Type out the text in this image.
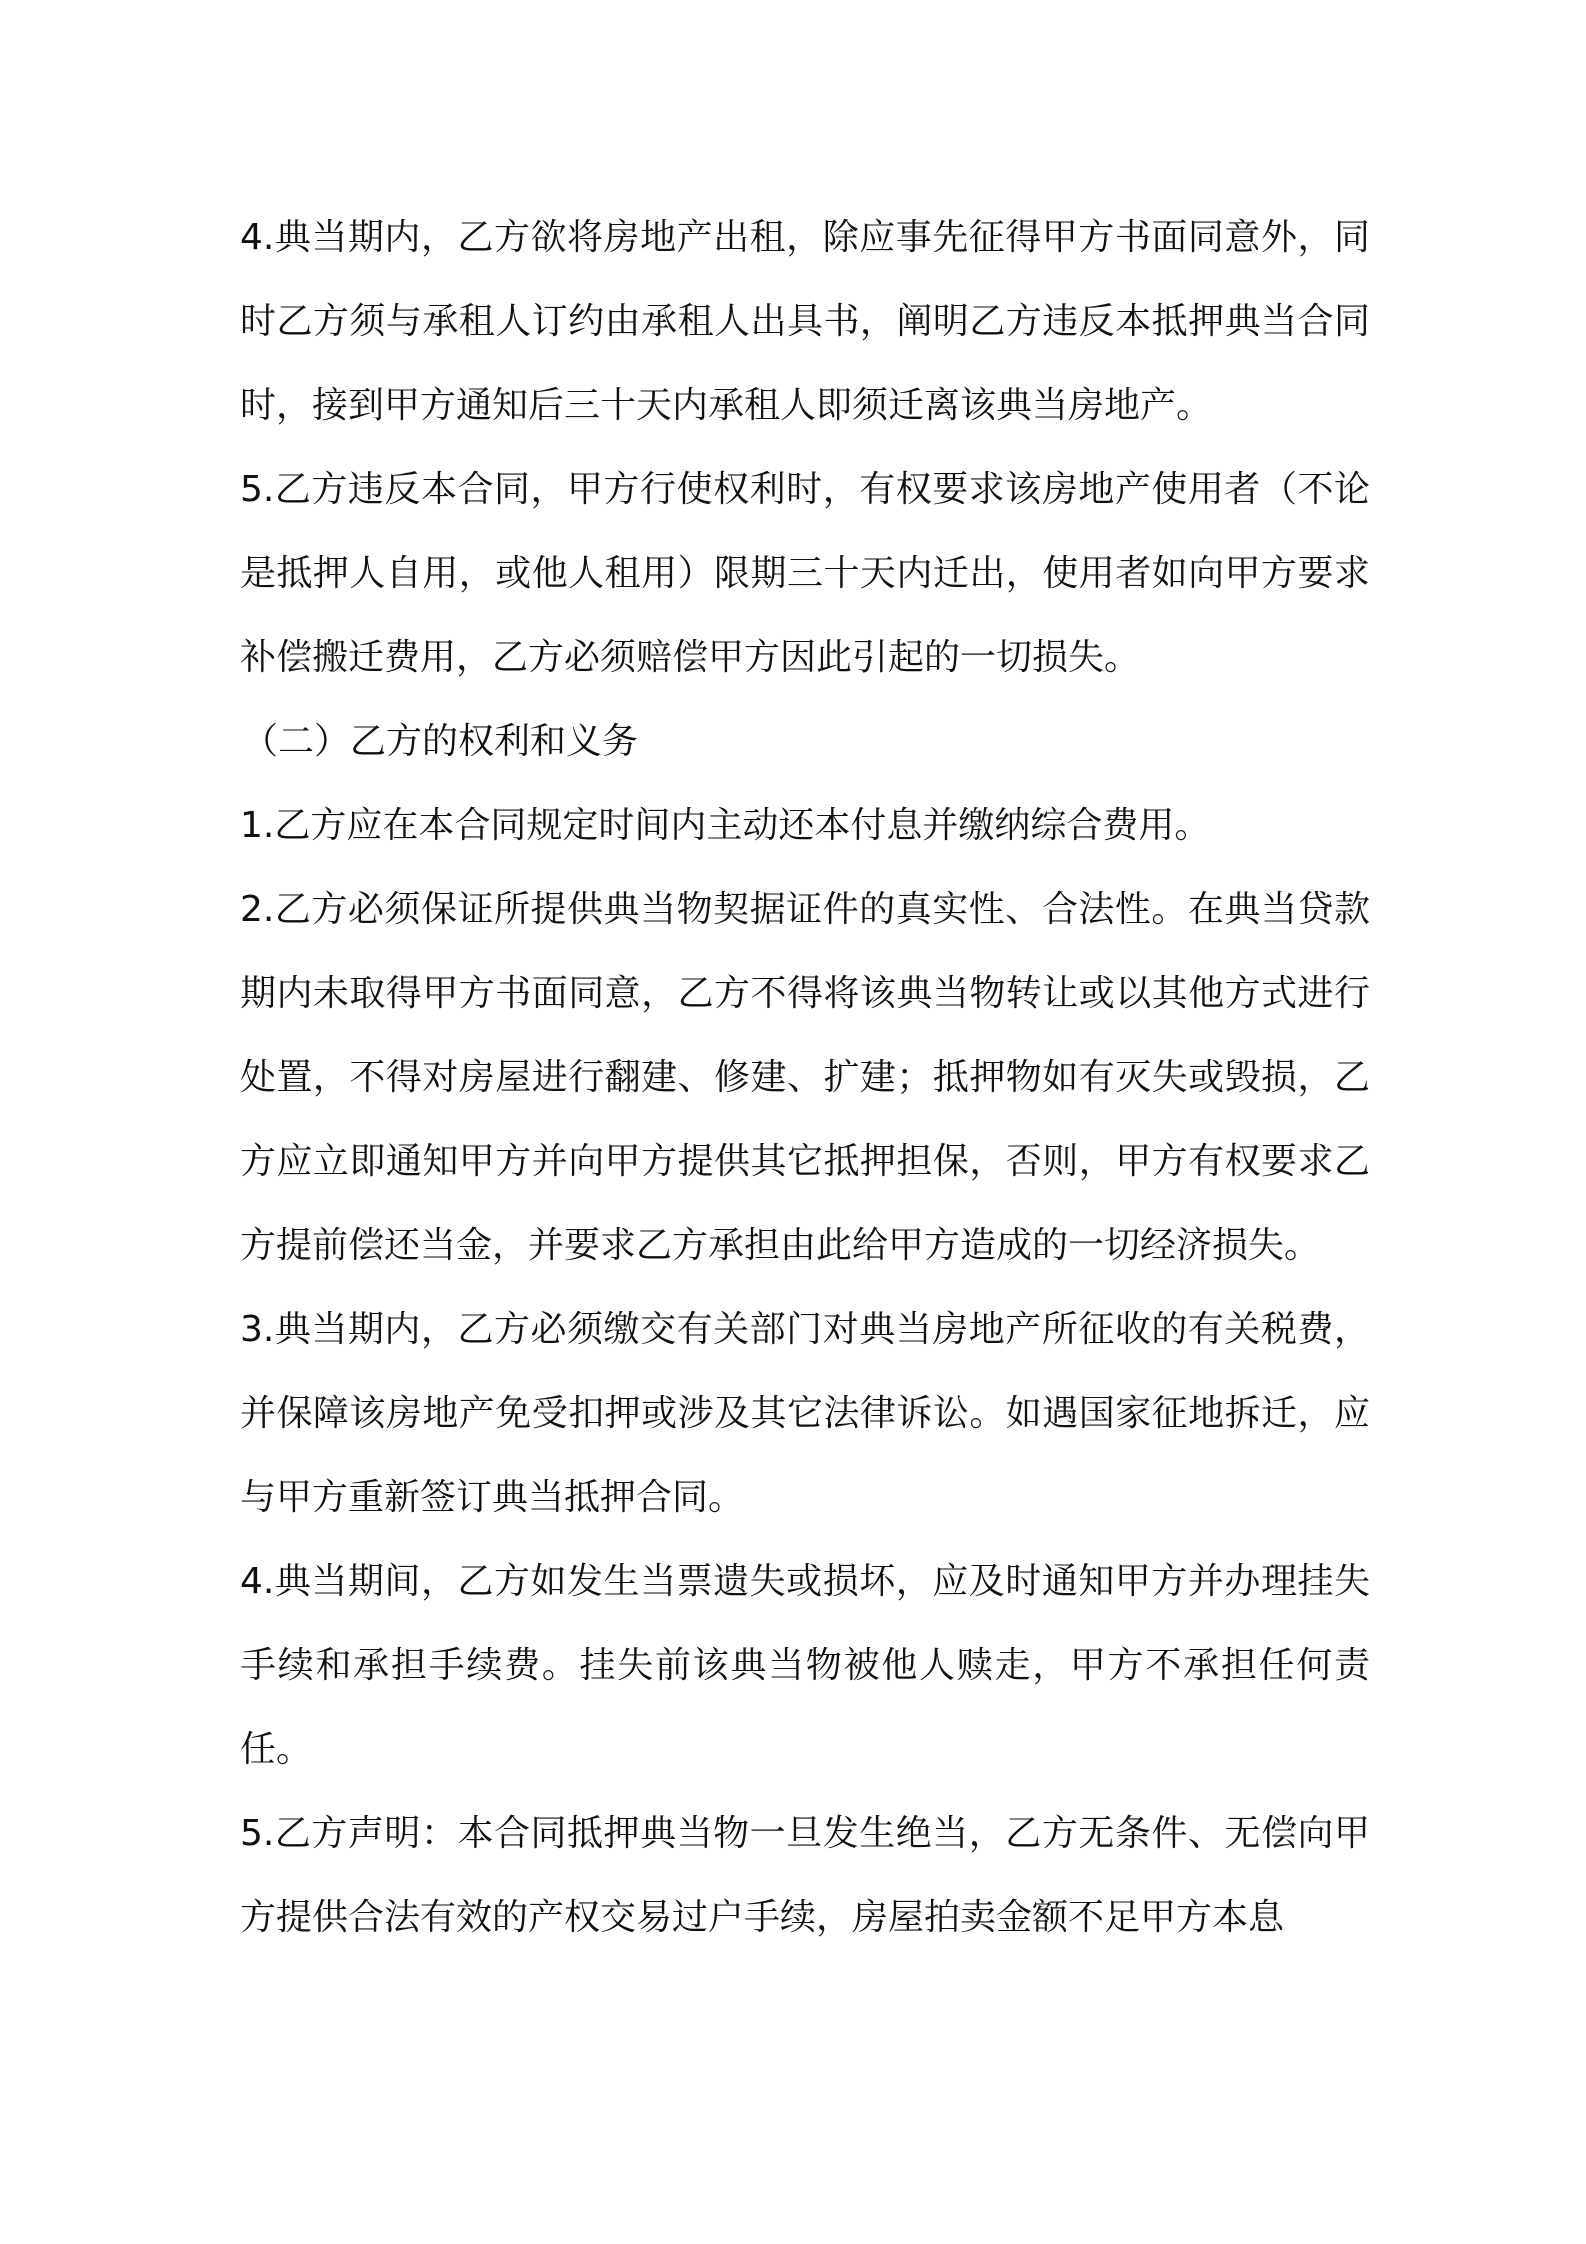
4.典当期内，乙方欲将房地产出租，除应事先征得甲方书面同意外，同时乙方须与承租人订约由承租人出具书，阐明乙方违反本抵押典当合同时，接到甲方通知后三十天内承租人即须迁离该典当房地产。

5.乙方违反本合同，甲方行使权利时，有权要求该房地产使用者（不论是抵押人自用，或他人租用）限期三十天内迁出，使用者如向甲方要求补偿搬迁费用，乙方必须赔偿甲方因此引起的一切损失。

（二）乙方的权利和义务

1.乙方应在本合同规定时间内主动还本付息并缴纳综合费用。

2.乙方必须保证所提供典当物契据证件的真实性、合法性。在典当贷款期内未取得甲方书面同意，乙方不得将该典当物转让或以其他方式进行处置，不得对房屋进行翻建、修建、扩建；抵押物如有灭失或毁损，乙方应立即通知甲方并向甲方提供其它抵押担保，否则，甲方有权要求乙方提前偿还当金，并要求乙方承担由此给甲方造成的一切经济损失。

3.典当期内，乙方必须缴交有关部门对典当房地产所征收的有关税费，并保障该房地产免受扣押或涉及其它法律诉讼。如遇国家征地拆迁，应与甲方重新签订典当抵押合同。

4.典当期间，乙方如发生当票遗失或损坏，应及时通知甲方并办理挂失手续和承担手续费。挂失前该典当物被他人赎走，甲方不承担任何责任。

5.乙方声明：本合同抵押典当物一旦发生绝当，乙方无条件、无偿向甲方提供合法有效的产权交易过户手续，房屋拍卖金额不足甲方本息
